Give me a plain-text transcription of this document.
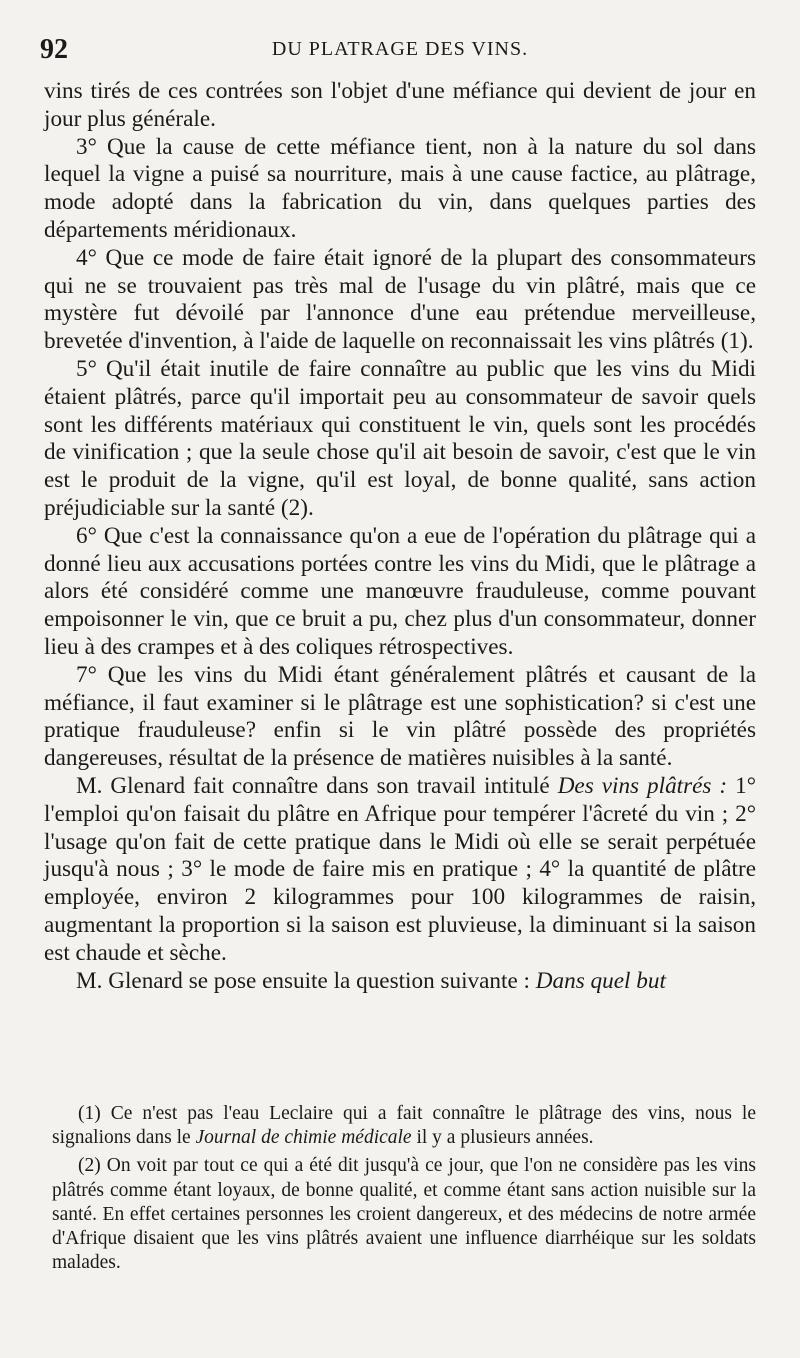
92	DU PLATRAGE DES VINS.

vins tirés de ces contrées son l'objet d'une méfiance qui devient de jour en jour plus générale.

3° Que la cause de cette méfiance tient, non à la nature du sol dans lequel la vigne a puisé sa nourriture, mais à une cause factice, au plâtrage, mode adopté dans la fabrication du vin, dans quelques parties des départements méridionaux.

4° Que ce mode de faire était ignoré de la plupart des consommateurs qui ne se trouvaient pas très mal de l'usage du vin plâtré, mais que ce mystère fut dévoilé par l'annonce d'une eau prétendue merveilleuse, brevetée d'invention, à l'aide de laquelle on reconnaissait les vins plâtrés (1).

5° Qu'il était inutile de faire connaître au public que les vins du Midi étaient plâtrés, parce qu'il importait peu au consommateur de savoir quels sont les différents matériaux qui constituent le vin, quels sont les procédés de vinification ; que la seule chose qu'il ait besoin de savoir, c'est que le vin est le produit de la vigne, qu'il est loyal, de bonne qualité, sans action préjudiciable sur la santé (2).

6° Que c'est la connaissance qu'on a eue de l'opération du plâtrage qui a donné lieu aux accusations portées contre les vins du Midi, que le plâtrage a alors été considéré comme une manœuvre frauduleuse, comme pouvant empoisonner le vin, que ce bruit a pu, chez plus d'un consommateur, donner lieu à des crampes et à des coliques rétrospectives.

7° Que les vins du Midi étant généralement plâtrés et causant de la méfiance, il faut examiner si le plâtrage est une sophistication? si c'est une pratique frauduleuse? enfin si le vin plâtré possède des propriétés dangereuses, résultat de la présence de matières nuisibles à la santé.

M. Glenard fait connaître dans son travail intitulé Des vins plâtrés : 1° l'emploi qu'on faisait du plâtre en Afrique pour tempérer l'âcreté du vin ; 2° l'usage qu'on fait de cette pratique dans le Midi où elle se serait perpétuée jusqu'à nous ; 3° le mode de faire mis en pratique ; 4° la quantité de plâtre employée, environ 2 kilogrammes pour 100 kilogrammes de raisin, augmentant la proportion si la saison est pluvieuse, la diminuant si la saison est chaude et sèche.

M. Glenard se pose ensuite la question suivante : Dans quel but

(1) Ce n'est pas l'eau Leclaire qui a fait connaître le plâtrage des vins, nous le signalions dans le Journal de chimie médicale il y a plusieurs années.

(2) On voit par tout ce qui a été dit jusqu'à ce jour, que l'on ne considère pas les vins plâtrés comme étant loyaux, de bonne qualité, et comme étant sans action nuisible sur la santé. En effet certaines personnes les croient dangereux, et des médecins de notre armée d'Afrique disaient que les vins plâtrés avaient une influence diarrhéique sur les soldats malades.
